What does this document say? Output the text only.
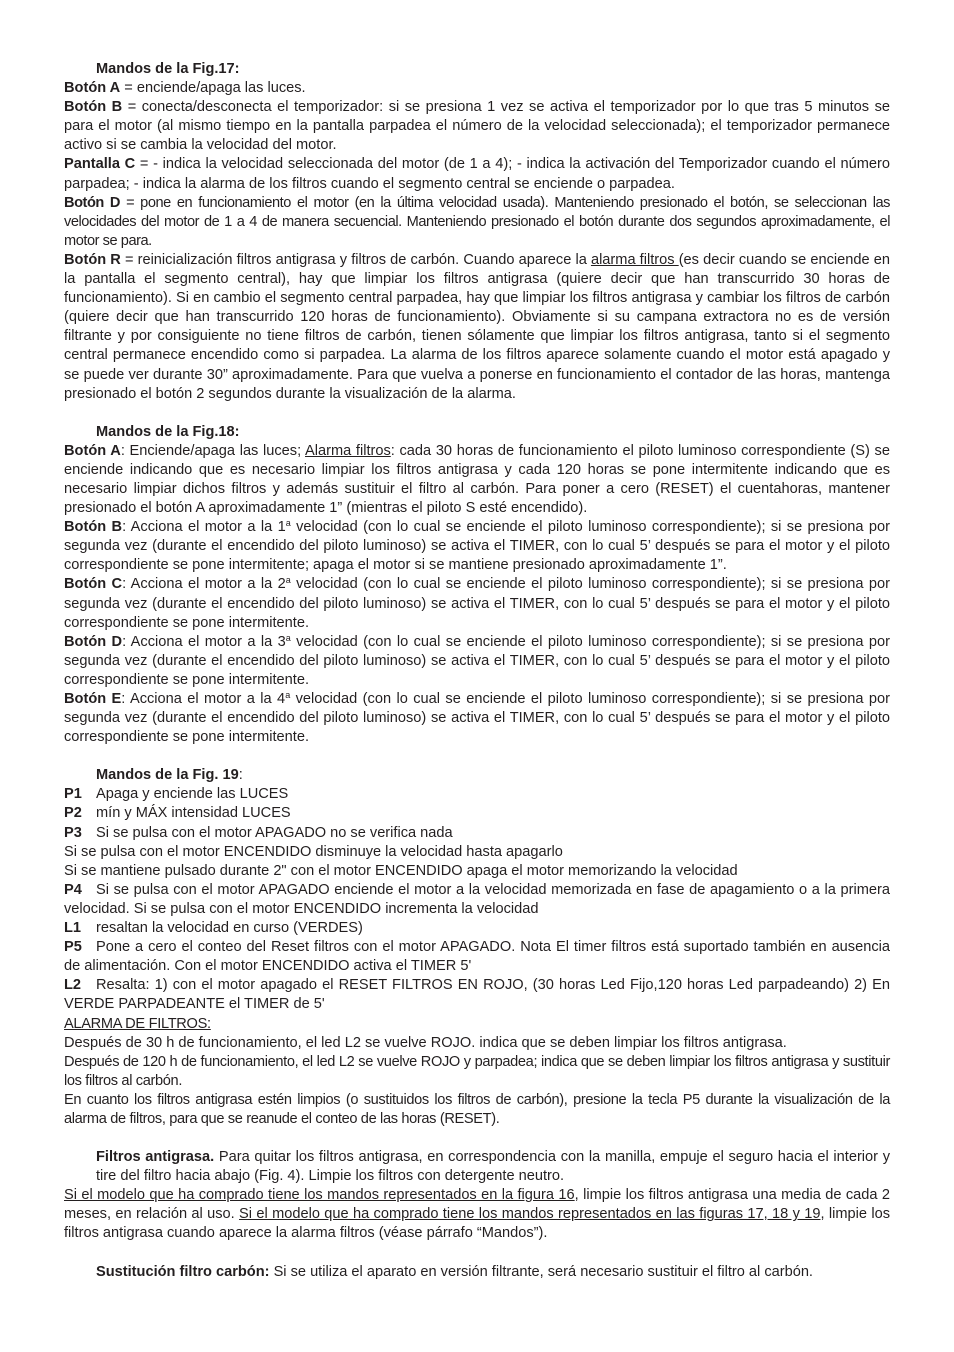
Mandos de la Fig.17:

Botón A = enciende/apaga las luces.

Botón B = conecta/desconecta el temporizador: si se presiona 1 vez se activa el temporizador por lo que tras 5 minutos se para el motor (al mismo tiempo en la pantalla parpadea el número de la velocidad seleccionada); el temporizador permanece activo si se cambia la velocidad del motor.

Pantalla C = - indica la velocidad seleccionada del motor (de 1 a 4); - indica la activación del Temporizador cuando el número parpadea; - indica la alarma de los filtros cuando el segmento central se enciende o parpadea.

Botón D = pone en funcionamiento el motor (en la última velocidad usada). Manteniendo presionado el botón, se seleccionan las velocidades del motor de 1 a 4 de manera secuencial. Manteniendo presionado el botón durante dos segundos aproximadamente, el motor se para.

Botón R = reinicialización filtros antigrasa y filtros de carbón. Cuando aparece la alarma filtros (es decir cuando se enciende en la pantalla el segmento central), hay que limpiar los filtros antigrasa (quiere decir que han transcurrido 30 horas de funcionamiento). Si en cambio el segmento central parpadea, hay que limpiar los filtros antigrasa y cambiar los filtros de carbón (quiere decir que han transcurrido 120 horas de funcionamiento). Obviamente si su campana extractora no es de versión filtrante y por consiguiente no tiene filtros de carbón, tienen sólamente que limpiar los filtros antigrasa, tanto si el segmento central permanece encendido como si parpadea. La alarma de los filtros aparece solamente cuando el motor está apagado y se puede ver durante 30” aproximadamente. Para que vuelva a ponerse en funcionamiento el contador de las horas, mantenga presionado el botón 2 segundos durante la visualización de la alarma.

Mandos de la Fig.18:

Botón A: Enciende/apaga las luces; Alarma filtros: cada 30 horas de funcionamiento el piloto luminoso correspondiente (S) se enciende indicando que es necesario limpiar los filtros antigrasa y cada 120 horas se pone intermitente indicando que es necesario limpiar dichos filtros y además sustituir el filtro al carbón. Para poner a cero (RESET) el cuentahoras, mantener presionado el botón A aproximadamente 1” (mientras el piloto S esté encendido).

Botón B: Acciona el motor a la 1$^a$ velocidad (con lo cual se enciende el piloto luminoso correspondiente); si se presiona por segunda vez (durante el encendido del piloto luminoso) se activa el TIMER, con lo cual 5’ después se para el motor y el piloto correspondiente se pone intermitente; apaga el motor si se mantiene presionado aproximadamente 1”.

Botón C: Acciona el motor a la 2$^a$ velocidad (con lo cual se enciende el piloto luminoso correspondiente); si se presiona por segunda vez (durante el encendido del piloto luminoso) se activa el TIMER, con lo cual 5’ después se para el motor y el piloto correspondiente se pone intermitente.

Botón D: Acciona el motor a la 3$^a$ velocidad (con lo cual se enciende el piloto luminoso correspondiente); si se presiona por segunda vez (durante el encendido del piloto luminoso) se activa el TIMER, con lo cual 5’ después se para el motor y el piloto correspondiente se pone intermitente.

Botón E: Acciona el motor a la 4$^a$ velocidad (con lo cual se enciende el piloto luminoso correspondiente); si se presiona por segunda vez (durante el encendido del piloto luminoso) se activa el TIMER, con lo cual 5’ después se para el motor y el piloto correspondiente se pone intermitente.

Mandos de la Fig. 19:

P1 Apaga y enciende las LUCES

P2 mín y MÁX intensidad LUCES

P3 Si se pulsa con el motor APAGADO no se verifica nada

Si se pulsa con el motor ENCENDIDO disminuye la velocidad hasta apagarlo

Si se mantiene pulsado durante 2" con el motor ENCENDIDO apaga el motor memorizando la velocidad

P4 Si se pulsa con el motor APAGADO enciende el motor a la velocidad memorizada en fase de apagamiento o a la primera velocidad. Si se pulsa con el motor ENCENDIDO incrementa la velocidad

L1 resaltan la velocidad en curso (VERDES)

P5 Pone a cero el conteo del Reset filtros con el motor APAGADO. Nota El timer filtros está suportado también en ausencia de alimentación. Con el motor ENCENDIDO activa el TIMER 5'

L2 Resalta: 1) con el motor apagado el RESET FILTROS EN ROJO, (30 horas Led Fijo,120 horas Led parpadeando) 2) En VERDE PARPADEANTE el TIMER de 5'

ALARMA DE FILTROS:

Después de 30 h de funcionamiento, el led L2 se vuelve ROJO. indica que se deben limpiar los filtros antigrasa.

Después de 120 h de funcionamiento, el led L2 se vuelve ROJO y parpadea; indica que se deben limpiar los filtros antigrasa y sustituir los filtros al carbón.

En cuanto los filtros antigrasa estén limpios (o sustituidos los filtros de carbón), presione la tecla P5 durante la visualización de la alarma de filtros, para que se reanude el conteo de las horas (RESET).

Filtros antigrasa. Para quitar los filtros antigrasa, en correspondencia con la manilla, empuje el seguro hacia el interior y tire del filtro hacia abajo (Fig. 4). Limpie los filtros con detergente neutro.

Si el modelo que ha comprado tiene los mandos representados en la figura 16, limpie los filtros antigrasa una media de cada 2 meses, en relación al uso. Si el modelo que ha comprado tiene los mandos representados en las figuras 17, 18 y 19, limpie los filtros antigrasa cuando aparece la alarma filtros (véase párrafo “Mandos”).

Sustitución filtro carbón: Si se utiliza el aparato en versión filtrante, será necesario sustituir el filtro al carbón.
